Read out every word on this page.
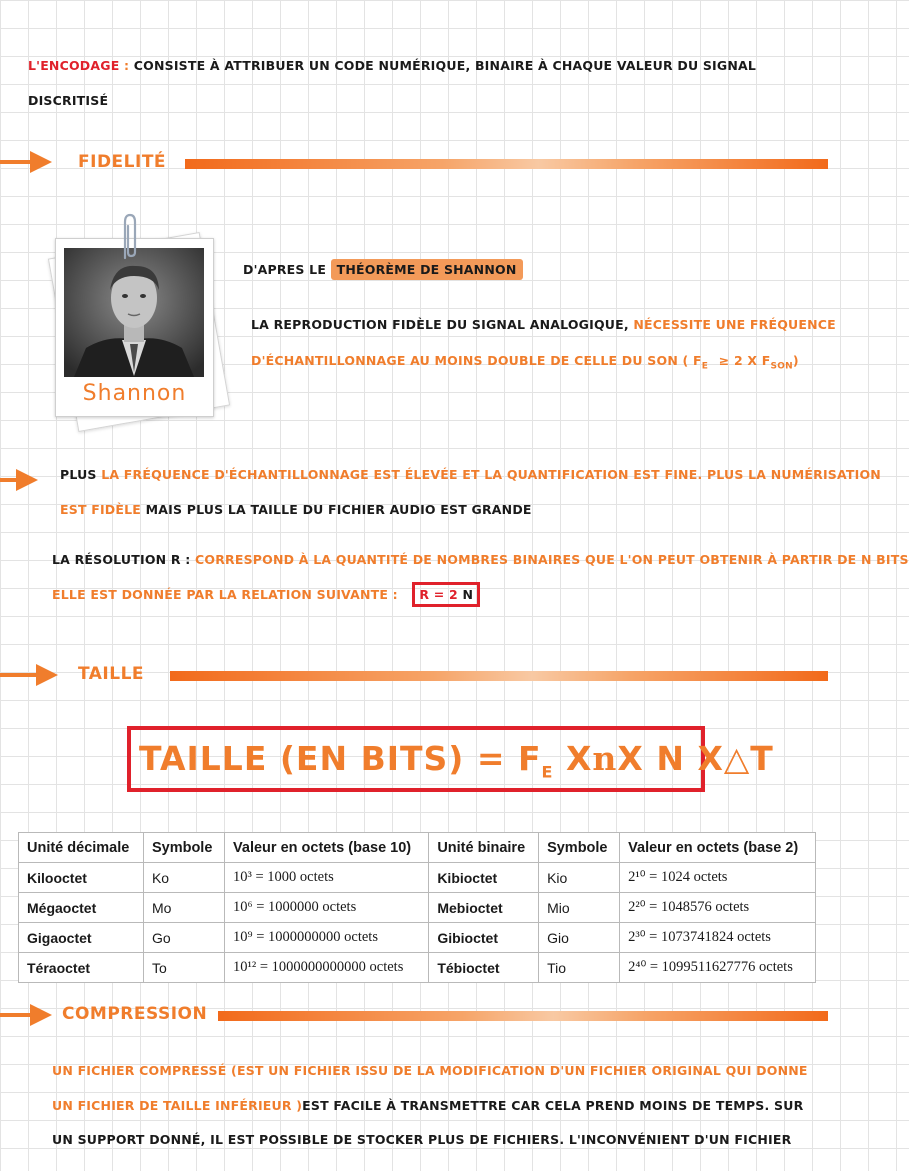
L'ENCODAGE : CONSISTE À ATTRIBUER UN CODE NUMÉRIQUE, BINAIRE À CHAQUE VALEUR DU SIGNAL
DISCRITISÉ
FIDELITÉ
Shannon
D'APRES LE THÉORÈME DE SHANNON
LA REPRODUCTION FIDÈLE DU SIGNAL ANALOGIQUE, NÉCESSITE UNE FRÉQUENCE
D'ÉCHANTILLONNAGE AU MOINS DOUBLE DE CELLE DU SON ( $F_E \ge 2$ X $F_{SON}$)
PLUS LA FRÉQUENCE D'ÉCHANTILLONNAGE EST ÉLEVÉE ET LA QUANTIFICATION EST FINE. PLUS LA NUMÉRISATION
EST FIDÈLE MAIS PLUS LA TAILLE DU FICHIER AUDIO EST GRANDE
LA RÉSOLUTION R : CORRESPOND À LA QUANTITÉ DE NOMBRES BINAIRES QUE L'ON PEUT OBTENIR À PARTIR DE N BITS
ELLE EST DONNÉE PAR LA RELATION SUIVANTE : R = 2 N
TAILLE
TAILLE (EN BITS) = $F_E$ XnX N X△T
Unité décimale	Symbole	Valeur en octets (base 10)	Unité binaire	Symbole	Valeur en octets (base 2)
Kilooctet	Ko	10³ = 1000 octets	Kibioctet	Kio	2¹⁰ = 1024 octets
Mégaoctet	Mo	10⁶ = 1000000 octets	Mebioctet	Mio	2²⁰ = 1048576 octets
Gigaoctet	Go	10⁹ = 1000000000 octets	Gibioctet	Gio	2³⁰ = 1073741824 octets
Téraoctet	To	10¹² = 1000000000000 octets	Tébioctet	Tio	2⁴⁰ = 1099511627776 octets
COMPRESSION
UN FICHIER COMPRESSÉ (EST UN FICHIER ISSU DE LA MODIFICATION D'UN FICHIER ORIGINAL QUI DONNE
UN FICHIER DE TAILLE INFÉRIEUR )EST FACILE À TRANSMETTRE CAR CELA PREND MOINS DE TEMPS. SUR
UN SUPPORT DONNÉ, IL EST POSSIBLE DE STOCKER PLUS DE FICHIERS. L'INCONVÉNIENT D'UN FICHIER
